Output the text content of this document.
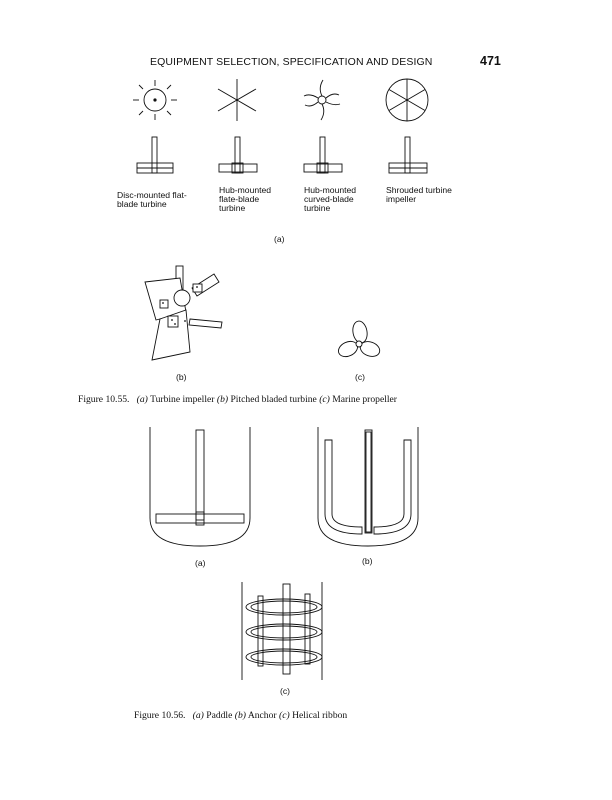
EQUIPMENT SELECTION, SPECIFICATION AND DESIGN	471
Disc-mounted flat-
blade turbine
Hub-mounted
flate-blade
turbine
Hub-mounted
curved-blade
turbine
Shrouded turbine
impeller
(a)
(b)	(c)
Figure 10.55. (a) Turbine impeller (b) Pitched bladed turbine (c) Marine propeller
(a)	(b)
(c)
Figure 10.56. (a) Paddle (b) Anchor (c) Helical ribbon
